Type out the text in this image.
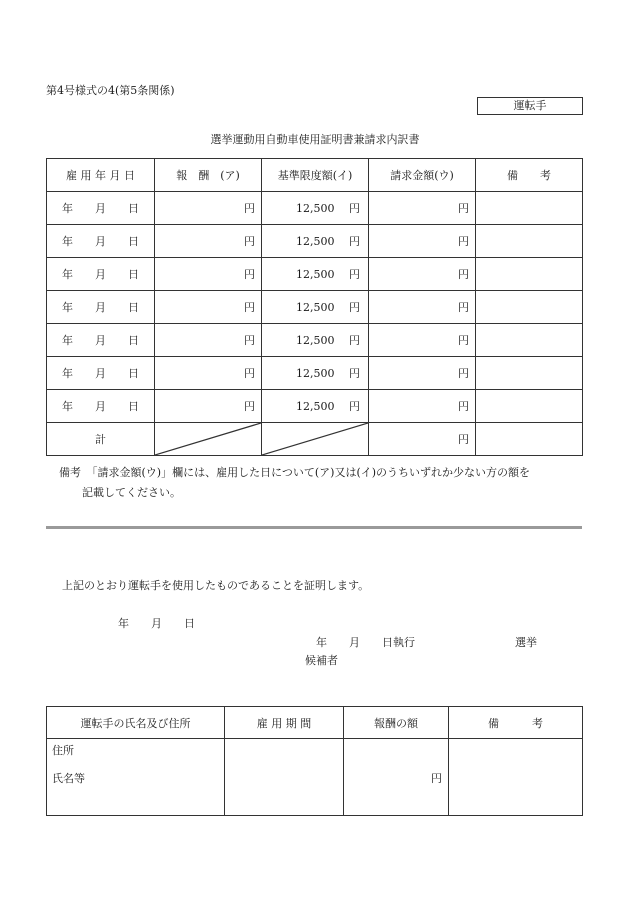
第4号様式の4(第5条関係)
運転手
選挙運動用自動車使用証明書兼請求内訳書
雇 用 年 月 日	報　酬　(ア)	基準限度額(イ)	請求金額(ウ)	備　　考
年　　月　　日	円	12,500　 円	円	
年　　月　　日	円	12,500　 円	円	
年　　月　　日	円	12,500　 円	円	
年　　月　　日	円	12,500　 円	円	
年　　月　　日	円	12,500　 円	円	
年　　月　　日	円	12,500　 円	円	
年　　月　　日	円	12,500　 円	円	
計			円	
備考　「請求金額(ウ)」欄には、雇用した日について(ア)又は(イ)のうちいずれか少ない方の額を
記載してください。
上記のとおり運転手を使用したものであることを証明します。
年　　月　　日
年　　月　　日執行	選挙
候補者
運転手の氏名及び住所	雇 用 期 間	報酬の額	備　　　考

住所
氏名等		円	
